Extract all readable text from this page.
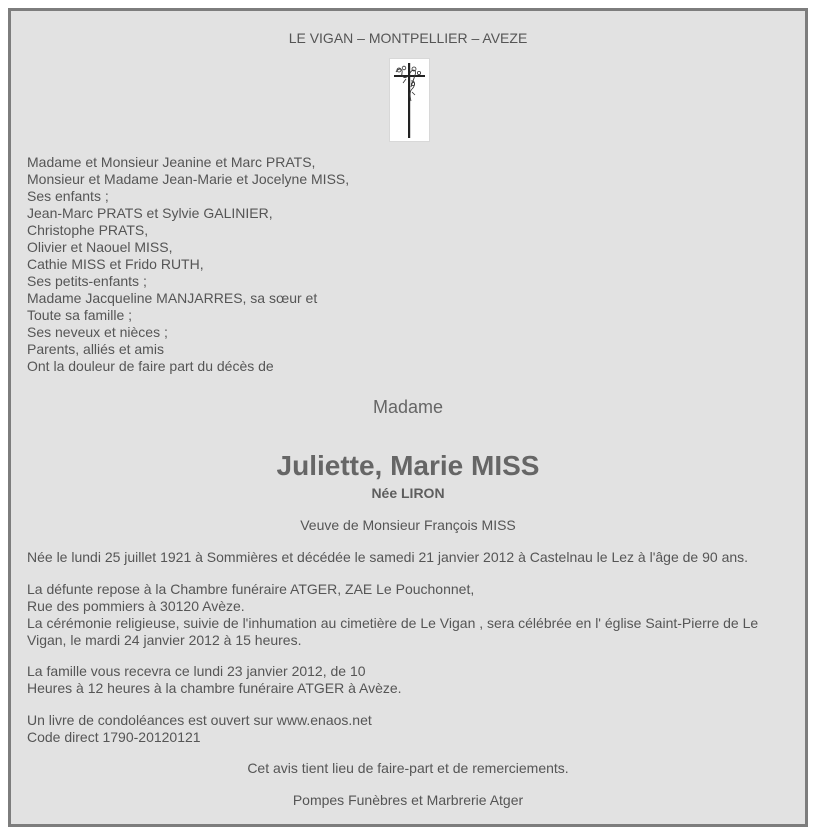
LE VIGAN – MONTPELLIER – AVEZE
Madame et Monsieur Jeanine et Marc PRATS,
Monsieur et Madame Jean-Marie et Jocelyne MISS,
Ses enfants ;
Jean-Marc PRATS et Sylvie GALINIER,
Christophe PRATS,
Olivier et Naouel MISS,
Cathie MISS et Frido RUTH,
Ses petits-enfants ;
Madame Jacqueline MANJARRES, sa sœur et
Toute sa famille ;
Ses neveux et nièces ;
Parents, alliés et amis
Ont la douleur de faire part du décès de
Madame
Juliette, Marie MISS
Née LIRON
Veuve de Monsieur François MISS
Née le lundi 25 juillet 1921 à Sommières et décédée le samedi 21 janvier 2012 à Castelnau le Lez à l'âge de 90 ans.
La défunte repose à la Chambre funéraire ATGER, ZAE Le Pouchonnet,
Rue des pommiers à 30120 Avèze.
La cérémonie religieuse, suivie de l'inhumation au cimetière de Le Vigan , sera célébrée en l' église Saint-Pierre de Le Vigan, le mardi 24 janvier 2012 à 15 heures.
La famille vous recevra ce lundi 23 janvier 2012, de 10
Heures à 12 heures à la chambre funéraire ATGER à Avèze.
Un livre de condoléances est ouvert sur www.enaos.net
Code direct 1790-20120121
Cet avis tient lieu de faire-part et de remerciements.
Pompes Funèbres et Marbrerie Atger
